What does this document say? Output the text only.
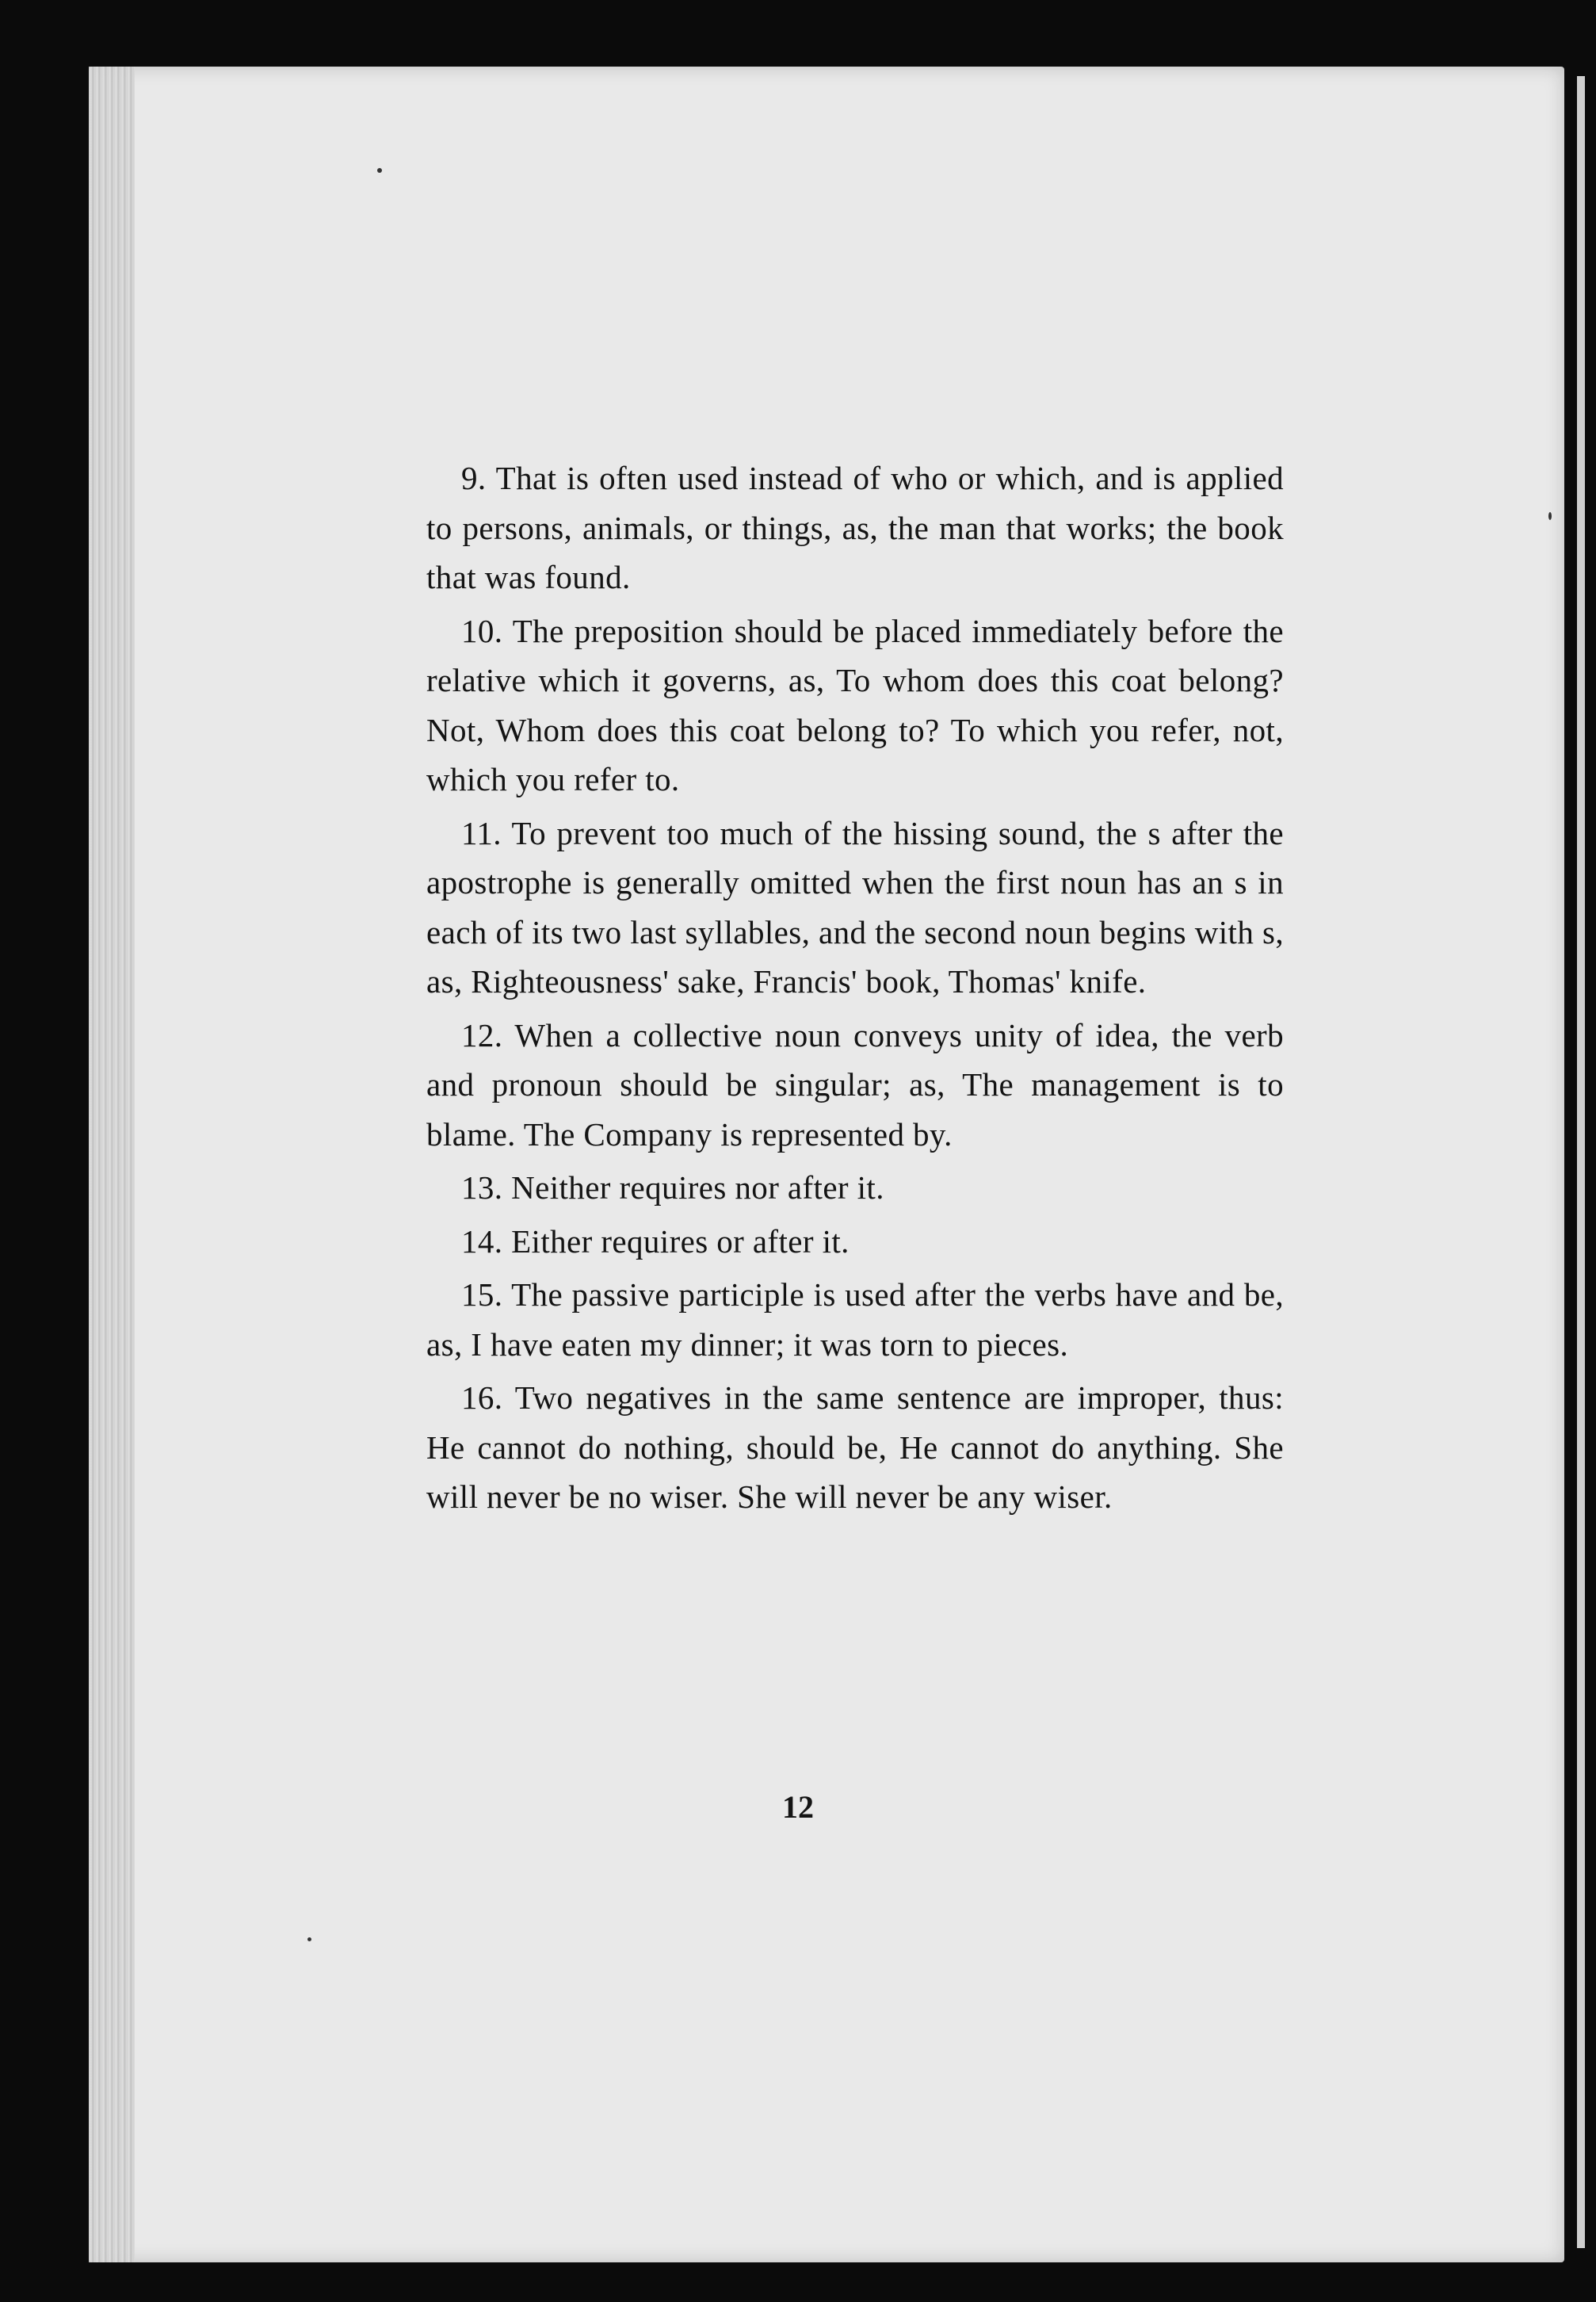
9. That is often used instead of who or which, and is applied to persons, animals, or things, as, the man that works; the book that was found.

10. The preposition should be placed immediately before the relative which it governs, as, To whom does this coat belong? Not, Whom does this coat belong to? To which you refer, not, which you refer to.

11. To prevent too much of the hissing sound, the s after the apostrophe is generally omitted when the first noun has an s in each of its two last syllables, and the second noun begins with s, as, Righteousness' sake, Francis' book, Thomas' knife.

12. When a collective noun conveys unity of idea, the verb and pronoun should be singular; as, The management is to blame. The Company is represented by.

13. Neither requires nor after it.

14. Either requires or after it.

15. The passive participle is used after the verbs have and be, as, I have eaten my dinner; it was torn to pieces.

16. Two negatives in the same sentence are improper, thus: He cannot do nothing, should be, He cannot do anything. She will never be no wiser. She will never be any wiser.

12
